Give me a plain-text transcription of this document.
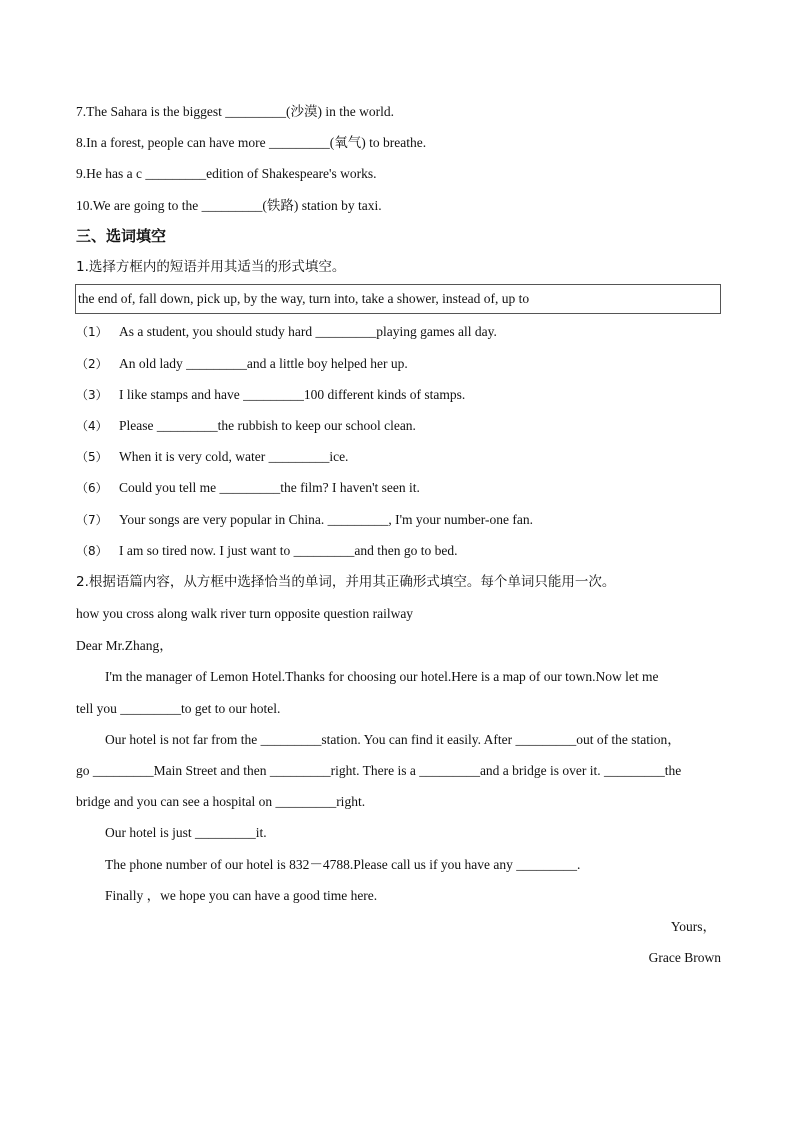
7.The Sahara is the biggest _________(沙漠) in the world.
8.In a forest, people can have more _________(氧气) to breathe.
9.He has a c _________edition of Shakespeare's works.
10.We are going to the _________(铁路) station by taxi.
三、选词填空
1.选择方框内的短语并用其适当的形式填空。
the end of, fall down, pick up, by the way, turn into, take a shower, instead of, up to
（1） As a student, you should study hard _________playing games all day.
（2） An old lady _________and a little boy helped her up.
（3） I like stamps and have _________100 different kinds of stamps.
（4） Please _________the rubbish to keep our school clean.
（5） When it is very cold, water _________ice.
（6） Could you tell me _________the film? I haven't seen it.
（7） Your songs are very popular in China. _________, I'm your number-one fan.
（8） I am so tired now. I just want to _________and then go to bed.
2.根据语篇内容，从方框中选择恰当的单词，并用其正确形式填空。每个单词只能用一次。
how you cross along walk river turn opposite question railway
Dear Mr.Zhang，
I'm the manager of Lemon Hotel.Thanks for choosing our hotel.Here is a map of our town.Now let me
tell you _________to get to our hotel.
Our hotel is not far from the _________station. You can find it easily. After _________out of the station，
go _________Main Street and then _________right. There is a _________and a bridge is over it. _________the
bridge and you can see a hospital on _________right.
Our hotel is just _________it.
The phone number of our hotel is 832－4788.Please call us if you have any _________.
Finally ，we hope you can have a good time here.
Yours，
Grace Brown
